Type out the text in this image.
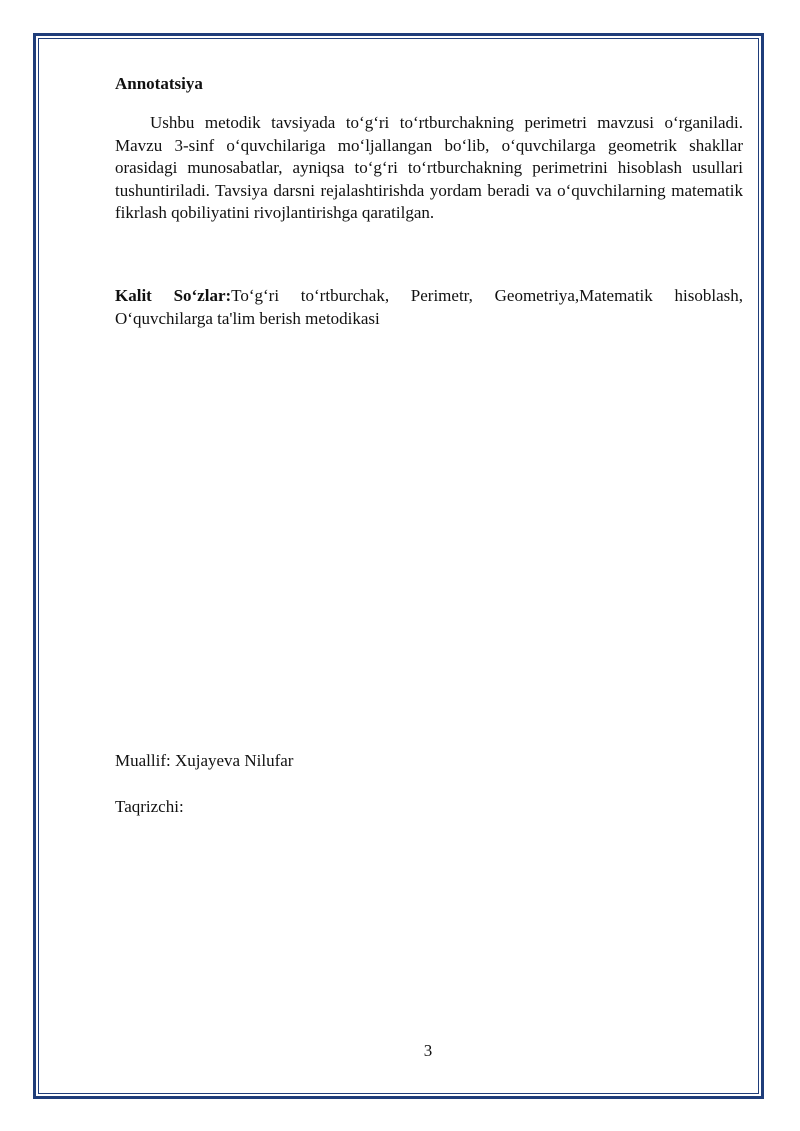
Annotatsiya

Ushbu metodik tavsiyada to‘g‘ri to‘rtburchakning perimetri mavzusi o‘rganiladi. Mavzu 3-sinf o‘quvchilariga mo‘ljallangan bo‘lib, o‘quvchilarga geometrik shakllar orasidagi munosabatlar, ayniqsa to‘g‘ri to‘rtburchakning perimetrini hisoblash usullari tushuntiriladi. Tavsiya darsni rejalashtirishda yordam beradi va o‘quvchilarning matematik fikrlash qobiliyatini rivojlantirishga qaratilgan.

Kalit So‘zlar:To‘g‘ri to‘rtburchak, Perimetr, Geometriya,Matematik hisoblash, O‘quvchilarga ta'lim berish metodikasi

Muallif: Xujayeva Nilufar
Taqrizchi:
3
